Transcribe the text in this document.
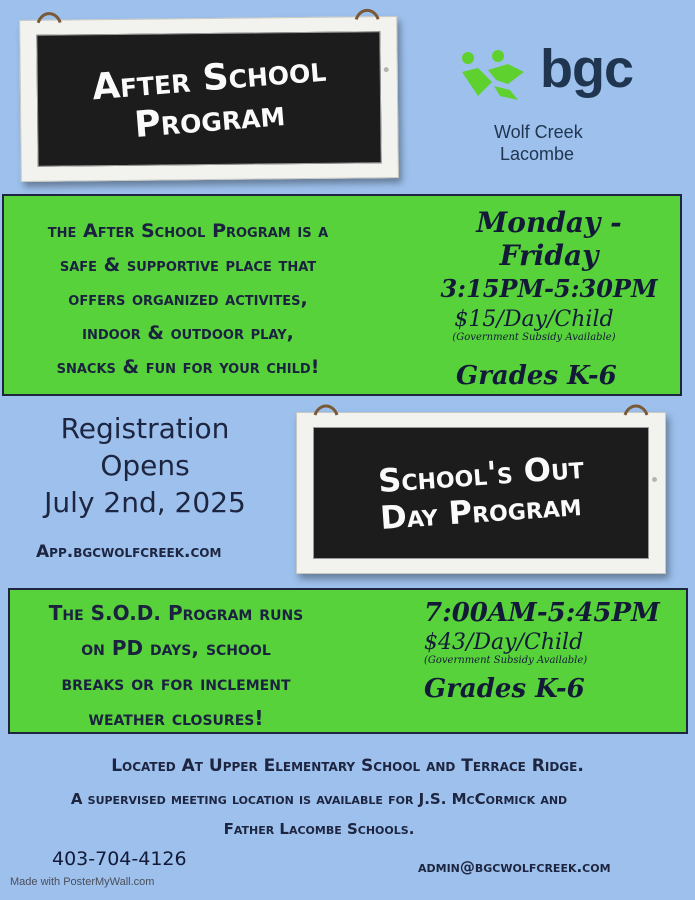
After School
Program
bgc
Wolf Creek
Lacombe
the After School Program is a
safe & supportive place that
offers organized activites,
indoor & outdoor play,
snacks & fun for your child!
Monday - Friday
3:15PM-5:30PM
$15/Day/Child
(Government Subsidy Available)
Grades K-6
Registration
Opens
July 2nd, 2025
App.bgcwolfcreek.com
School's Out
Day Program
The S.O.D. Program runs
on PD days, school
breaks or for inclement
weather closures!
7:00AM-5:45PM
$43/Day/Child
(Government Subsidy Available)
Grades K-6
Located At Upper Elementary School and Terrace Ridge.
A supervised meeting location is available for J.S. McCormick and
Father Lacombe Schools.
403-704-4126	admin@bgcwolfcreek.com
Made with PosterMyWall.com
